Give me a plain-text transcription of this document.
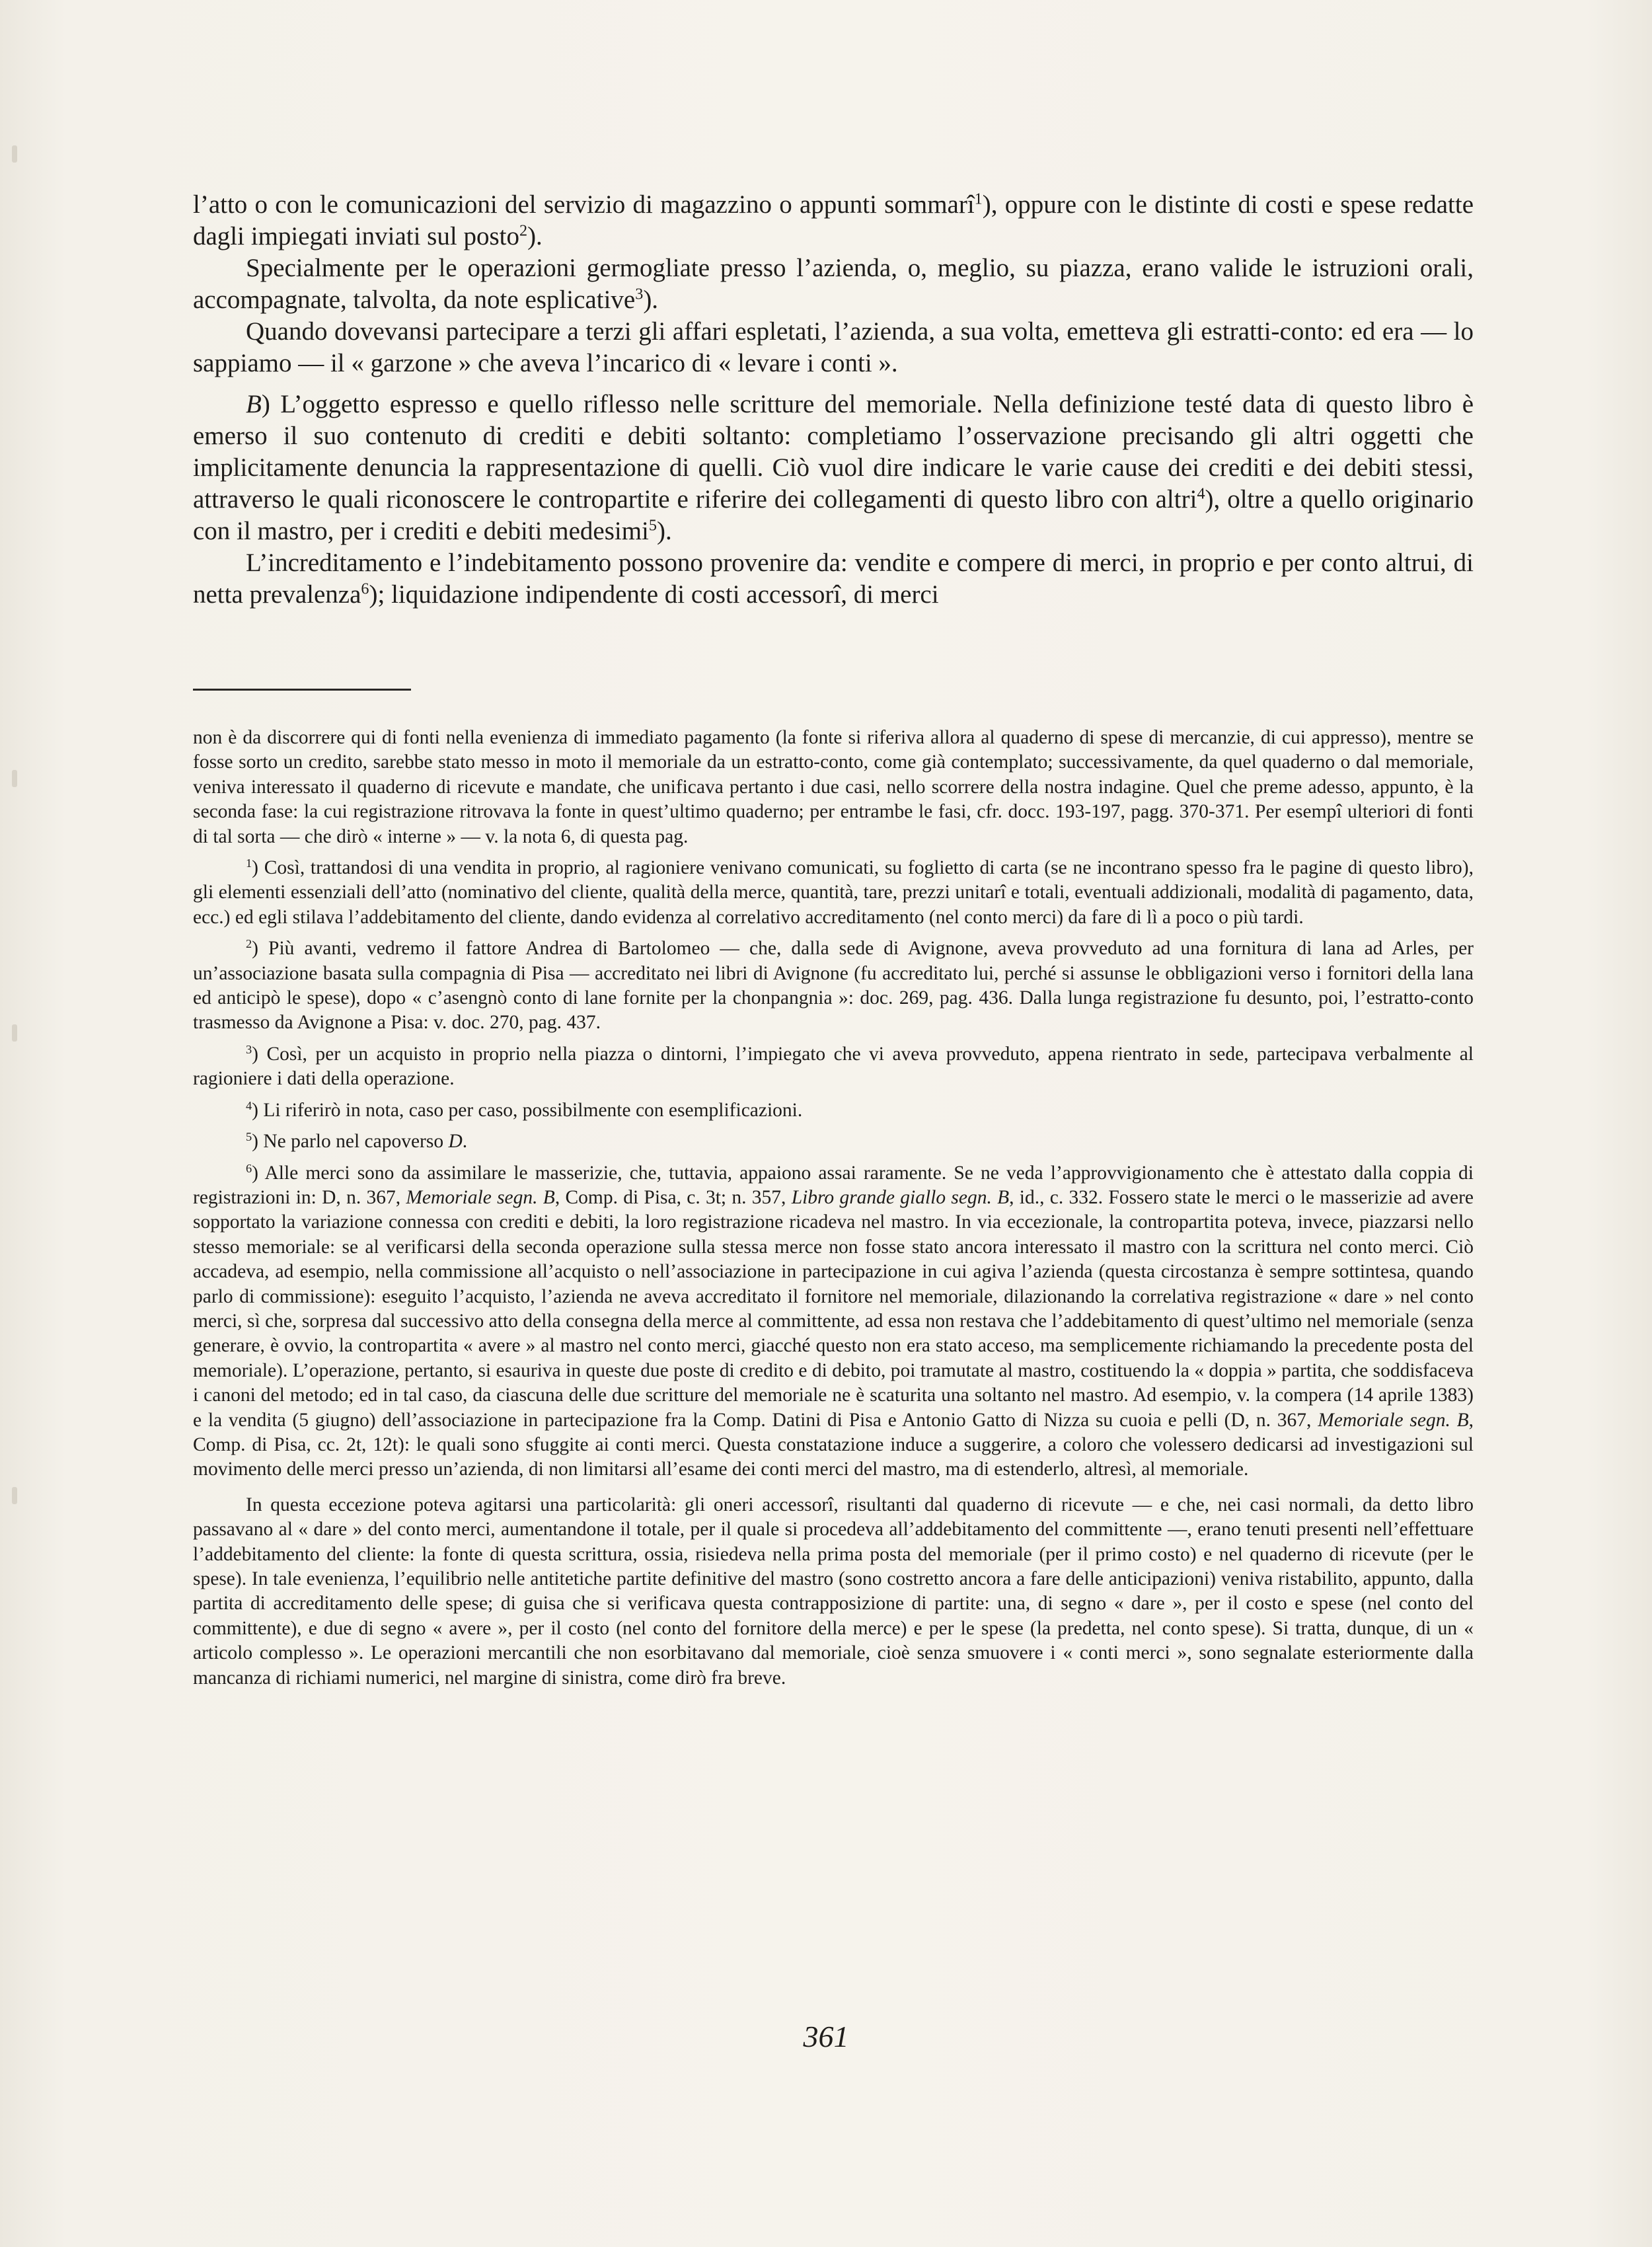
l’atto o con le comunicazioni del servizio di magazzino o appunti sommarî$^1$), oppure con le distinte di costi e spese redatte dagli impiegati inviati sul posto$^2$).

Specialmente per le operazioni germogliate presso l’azienda, o, meglio, su piazza, erano valide le istruzioni orali, accompagnate, talvolta, da note esplicative$^3$).

Quando dovevansi partecipare a terzi gli affari espletati, l’azienda, a sua volta, emetteva gli estratti-conto: ed era — lo sappiamo — il « garzone » che aveva l’incarico di « levare i conti ».

B) L’oggetto espresso e quello riflesso nelle scritture del memoriale. Nella definizione testé data di questo libro è emerso il suo contenuto di crediti e debiti soltanto: completiamo l’osservazione precisando gli altri oggetti che implicitamente denuncia la rappresentazione di quelli. Ciò vuol dire indicare le varie cause dei crediti e dei debiti stessi, attraverso le quali riconoscere le contropartite e riferire dei collegamenti di questo libro con altri$^4$), oltre a quello originario con il mastro, per i crediti e debiti medesimi$^5$).

L’increditamento e l’indebitamento possono provenire da: vendite e compere di merci, in proprio e per conto altrui, di netta prevalenza$^6$); liquidazione indipendente di costi accessorî, di merci

non è da discorrere qui di fonti nella evenienza di immediato pagamento (la fonte si riferiva allora al quaderno di spese di mercanzie, di cui appresso), mentre se fosse sorto un credito, sarebbe stato messo in moto il memoriale da un estratto-conto, come già contemplato; successivamente, da quel quaderno o dal memoriale, veniva interessato il quaderno di ricevute e mandate, che unificava pertanto i due casi, nello scorrere della nostra indagine. Quel che preme adesso, appunto, è la seconda fase: la cui registrazione ritrovava la fonte in quest’ultimo quaderno; per entrambe le fasi, cfr. docc. 193-197, pagg. 370-371. Per esempî ulteriori di fonti di tal sorta — che dirò « interne » — v. la nota 6, di questa pag.

$^1$) Così, trattandosi di una vendita in proprio, al ragioniere venivano comunicati, su foglietto di carta (se ne incontrano spesso fra le pagine di questo libro), gli elementi essenziali dell’atto (nominativo del cliente, qualità della merce, quantità, tare, prezzi unitarî e totali, eventuali addizionali, modalità di pagamento, data, ecc.) ed egli stilava l’addebitamento del cliente, dando evidenza al correlativo accreditamento (nel conto merci) da fare di lì a poco o più tardi.

$^2$) Più avanti, vedremo il fattore Andrea di Bartolomeo — che, dalla sede di Avignone, aveva provveduto ad una fornitura di lana ad Arles, per un’associazione basata sulla compagnia di Pisa — accreditato nei libri di Avignone (fu accreditato lui, perché si assunse le obbligazioni verso i fornitori della lana ed anticipò le spese), dopo « c’asengnò conto di lane fornite per la chonpangnia »: doc. 269, pag. 436. Dalla lunga registrazione fu desunto, poi, l’estratto-conto trasmesso da Avignone a Pisa: v. doc. 270, pag. 437.

$^3$) Così, per un acquisto in proprio nella piazza o dintorni, l’impiegato che vi aveva provveduto, appena rientrato in sede, partecipava verbalmente al ragioniere i dati della operazione.

$^4$) Li riferirò in nota, caso per caso, possibilmente con esemplificazioni.

$^5$) Ne parlo nel capoverso D.

$^6$) Alle merci sono da assimilare le masserizie, che, tuttavia, appaiono assai raramente. Se ne veda l’approvvigionamento che è attestato dalla coppia di registrazioni in: D, n. 367, Memoriale segn. B, Comp. di Pisa, c. 3t; n. 357, Libro grande giallo segn. B, id., c. 332. Fossero state le merci o le masserizie ad avere sopportato la variazione connessa con crediti e debiti, la loro registrazione ricadeva nel mastro. In via eccezionale, la contropartita poteva, invece, piazzarsi nello stesso memoriale: se al verificarsi della seconda operazione sulla stessa merce non fosse stato ancora interessato il mastro con la scrittura nel conto merci. Ciò accadeva, ad esempio, nella commissione all’acquisto o nell’associazione in partecipazione in cui agiva l’azienda (questa circostanza è sempre sottintesa, quando parlo di commissione): eseguito l’acquisto, l’azienda ne aveva accreditato il fornitore nel memoriale, dilazionando la correlativa registrazione « dare » nel conto merci, sì che, sorpresa dal successivo atto della consegna della merce al committente, ad essa non restava che l’addebitamento di quest’ultimo nel memoriale (senza generare, è ovvio, la contropartita « avere » al mastro nel conto merci, giacché questo non era stato acceso, ma semplicemente richiamando la precedente posta del memoriale). L’operazione, pertanto, si esauriva in queste due poste di credito e di debito, poi tramutate al mastro, costituendo la « doppia » partita, che soddisfaceva i canoni del metodo; ed in tal caso, da ciascuna delle due scritture del memoriale ne è scaturita una soltanto nel mastro. Ad esempio, v. la compera (14 aprile 1383) e la vendita (5 giugno) dell’associazione in partecipazione fra la Comp. Datini di Pisa e Antonio Gatto di Nizza su cuoia e pelli (D, n. 367, Memoriale segn. B, Comp. di Pisa, cc. 2t, 12t): le quali sono sfuggite ai conti merci. Questa constatazione induce a suggerire, a coloro che volessero dedicarsi ad investigazioni sul movimento delle merci presso un’azienda, di non limitarsi all’esame dei conti merci del mastro, ma di estenderlo, altresì, al memoriale.

In questa eccezione poteva agitarsi una particolarità: gli oneri accessorî, risultanti dal quaderno di ricevute — e che, nei casi normali, da detto libro passavano al « dare » del conto merci, aumentandone il totale, per il quale si procedeva all’addebitamento del committente —, erano tenuti presenti nell’effettuare l’addebitamento del cliente: la fonte di questa scrittura, ossia, risiedeva nella prima posta del memoriale (per il primo costo) e nel quaderno di ricevute (per le spese). In tale evenienza, l’equilibrio nelle antitetiche partite definitive del mastro (sono costretto ancora a fare delle anticipazioni) veniva ristabilito, appunto, dalla partita di accreditamento delle spese; di guisa che si verificava questa contrapposizione di partite: una, di segno « dare », per il costo e spese (nel conto del committente), e due di segno « avere », per il costo (nel conto del fornitore della merce) e per le spese (la predetta, nel conto spese). Si tratta, dunque, di un « articolo complesso ». Le operazioni mercantili che non esorbitavano dal memoriale, cioè senza smuovere i « conti merci », sono segnalate esteriormente dalla mancanza di richiami numerici, nel margine di sinistra, come dirò fra breve.

361
